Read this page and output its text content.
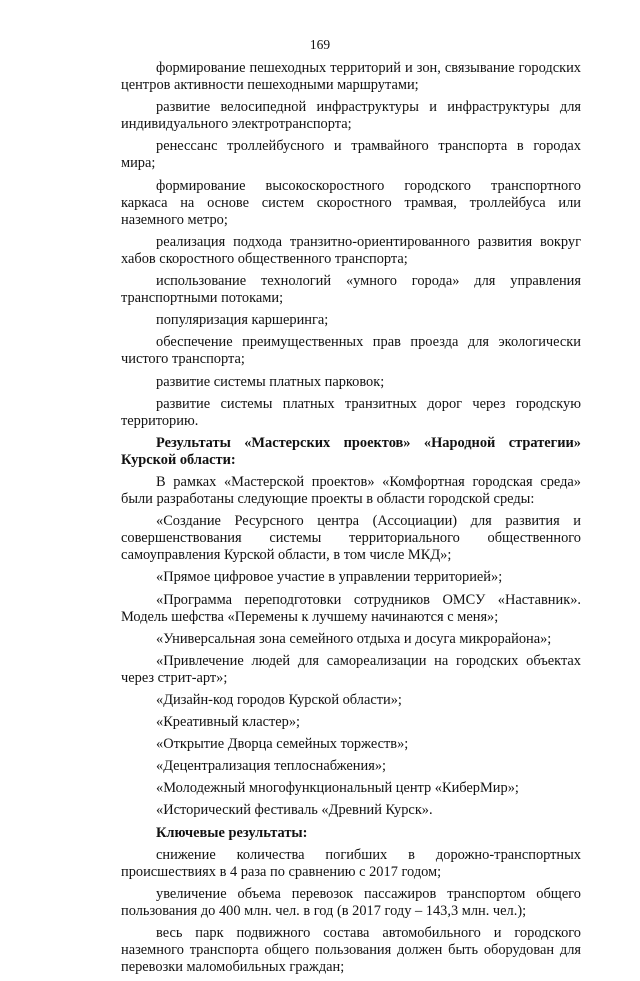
169

формирование пешеходных территорий и зон, связывание городских центров активности пешеходными маршрутами;

развитие велосипедной инфраструктуры и инфраструктуры для индивидуального электротранспорта;

ренессанс троллейбусного и трамвайного транспорта в городах мира;

формирование высокоскоростного городского транспортного каркаса на основе систем скоростного трамвая, троллейбуса или наземного метро;

реализация подхода транзитно-ориентированного развития вокруг хабов скоростного общественного транспорта;

использование технологий «умного города» для управления транспортными потоками;

популяризация каршеринга;

обеспечение преимущественных прав проезда для экологически чистого транспорта;

развитие системы платных парковок;

развитие системы платных транзитных дорог через городскую территорию.

Результаты «Мастерских проектов» «Народной стратегии» Курской области:

В рамках «Мастерской проектов» «Комфортная городская среда» были разработаны следующие проекты в области городской среды:

«Создание Ресурсного центра (Ассоциации) для развития и совершенствования системы территориального общественного самоуправления Курской области, в том числе МКД»;

«Прямое цифровое участие в управлении территорией»;

«Программа переподготовки сотрудников ОМСУ «Наставник». Модель шефства «Перемены к лучшему начинаются с меня»;

«Универсальная зона семейного отдыха и досуга микрорайона»;

«Привлечение людей для самореализации на городских объектах через стрит-арт»;

«Дизайн-код городов Курской области»;

«Креативный кластер»;

«Открытие Дворца семейных торжеств»;

«Децентрализация теплоснабжения»;

«Молодежный многофункциональный центр «КиберМир»;

«Исторический фестиваль «Древний Курск».

Ключевые результаты:

снижение количества погибших в дорожно-транспортных происшествиях в 4 раза по сравнению с 2017 годом;

увеличение объема перевозок пассажиров транспортом общего пользования до 400 млн. чел. в год (в 2017 году – 143,3 млн. чел.);

весь парк подвижного состава автомобильного и городского наземного транспорта общего пользования должен быть оборудован для перевозки маломобильных граждан;
